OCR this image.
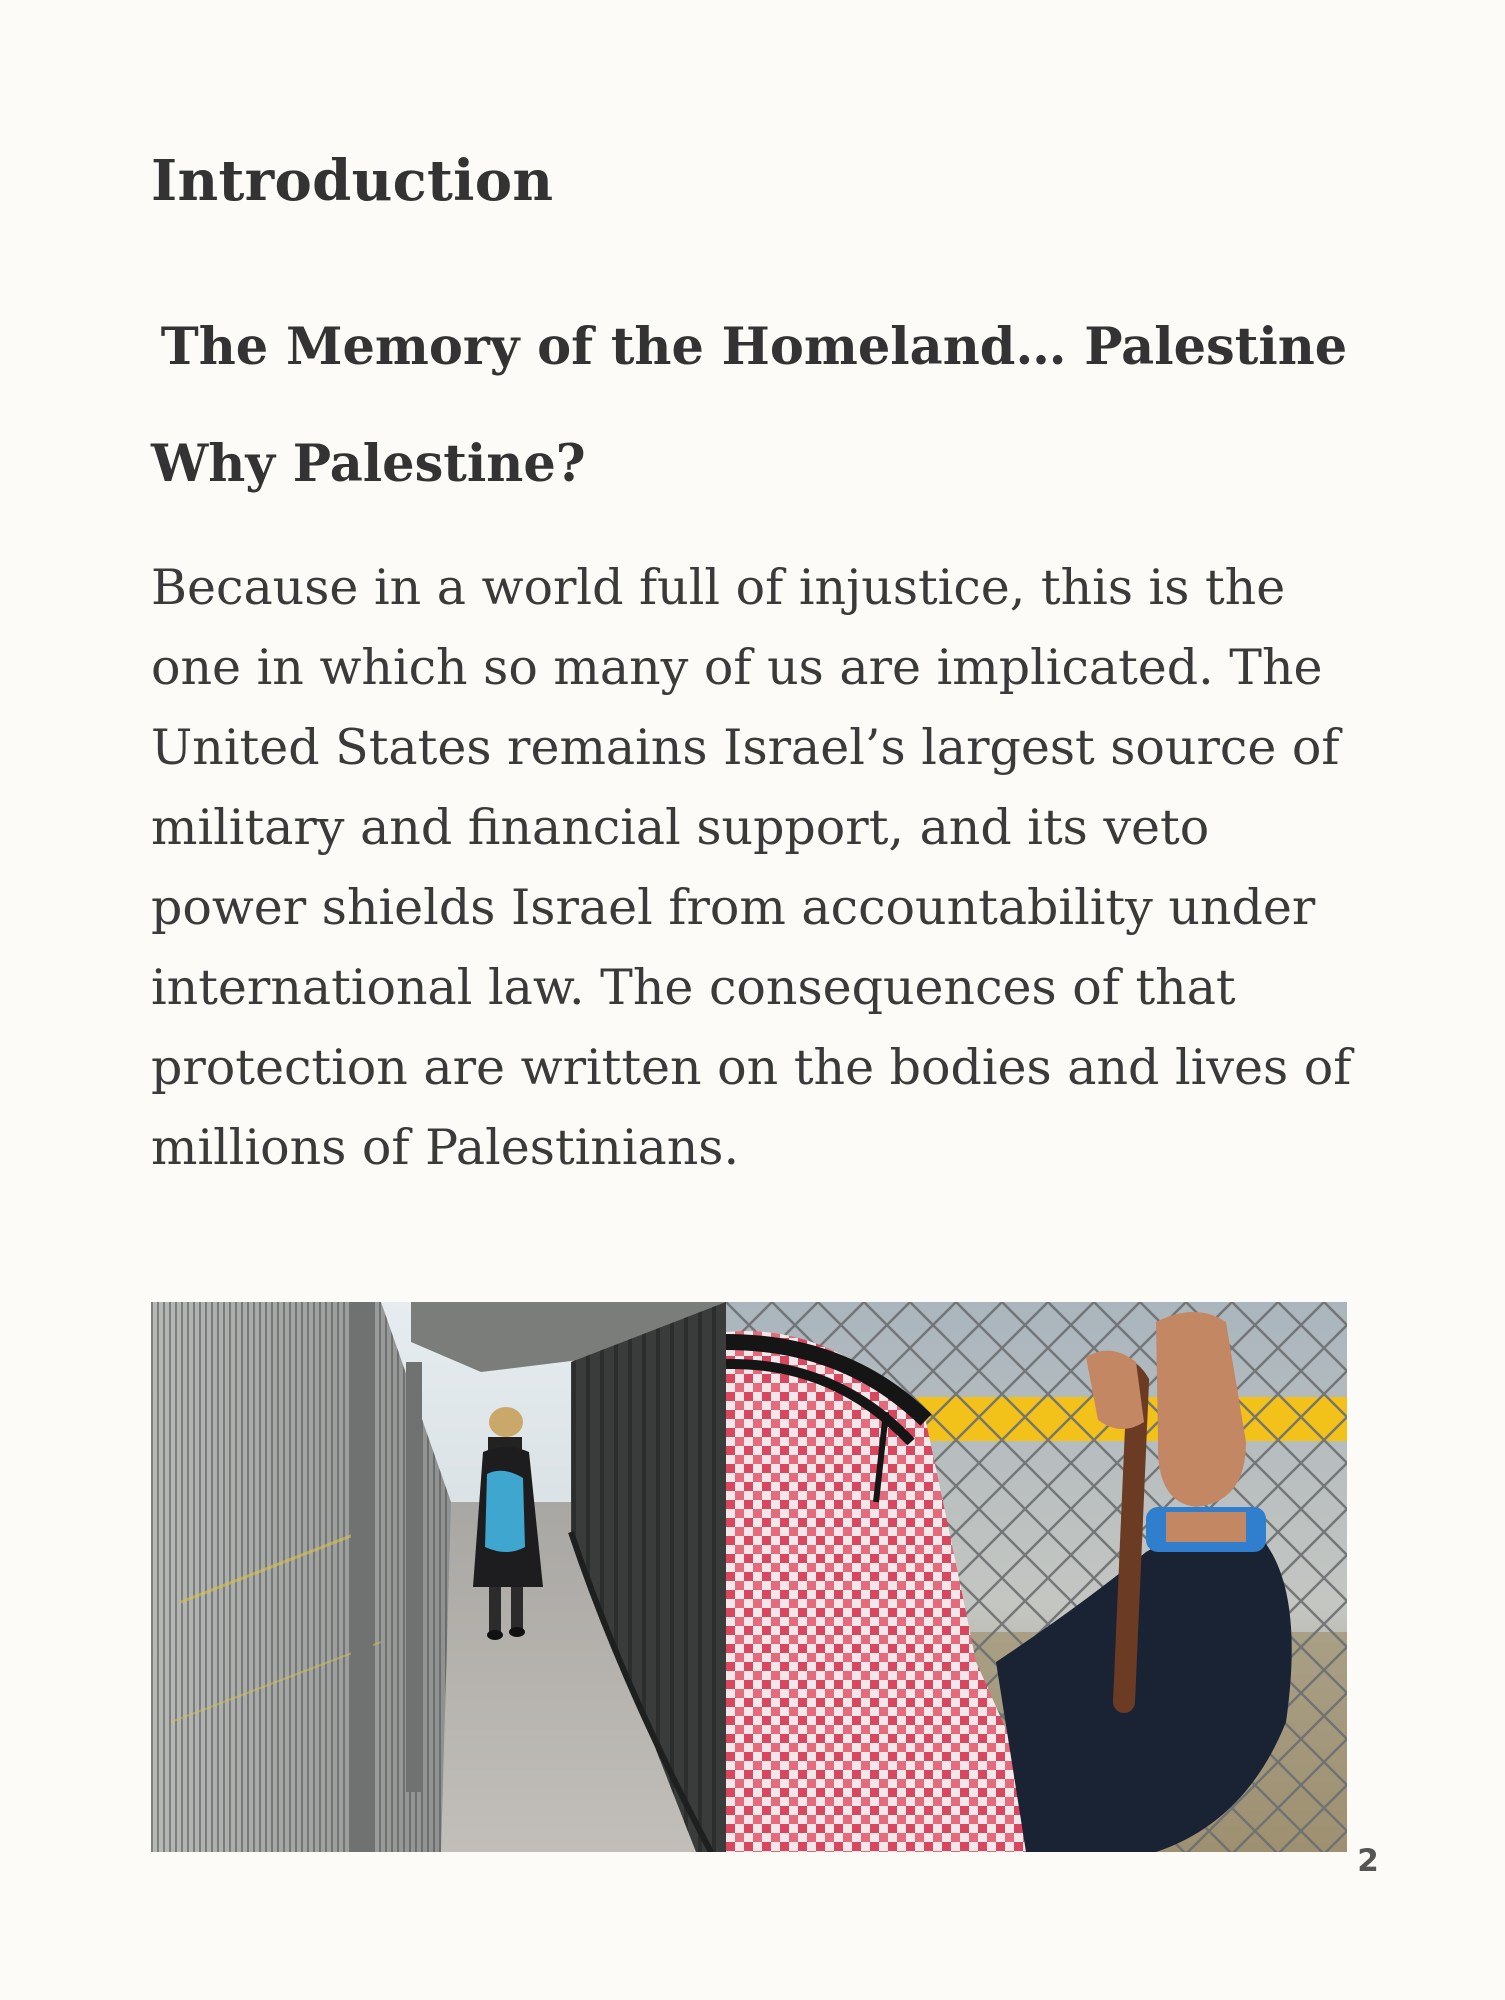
Introduction
The Memory of the Homeland… Palestine
Why Palestine?

Because in a world full of injustice, this is the
one in which so many of us are implicated. The
United States remains Israel’s largest source of
military and financial support, and its veto
power shields Israel from accountability under
international law. The consequences of that
protection are written on the bodies and lives of
millions of Palestinians.

2
